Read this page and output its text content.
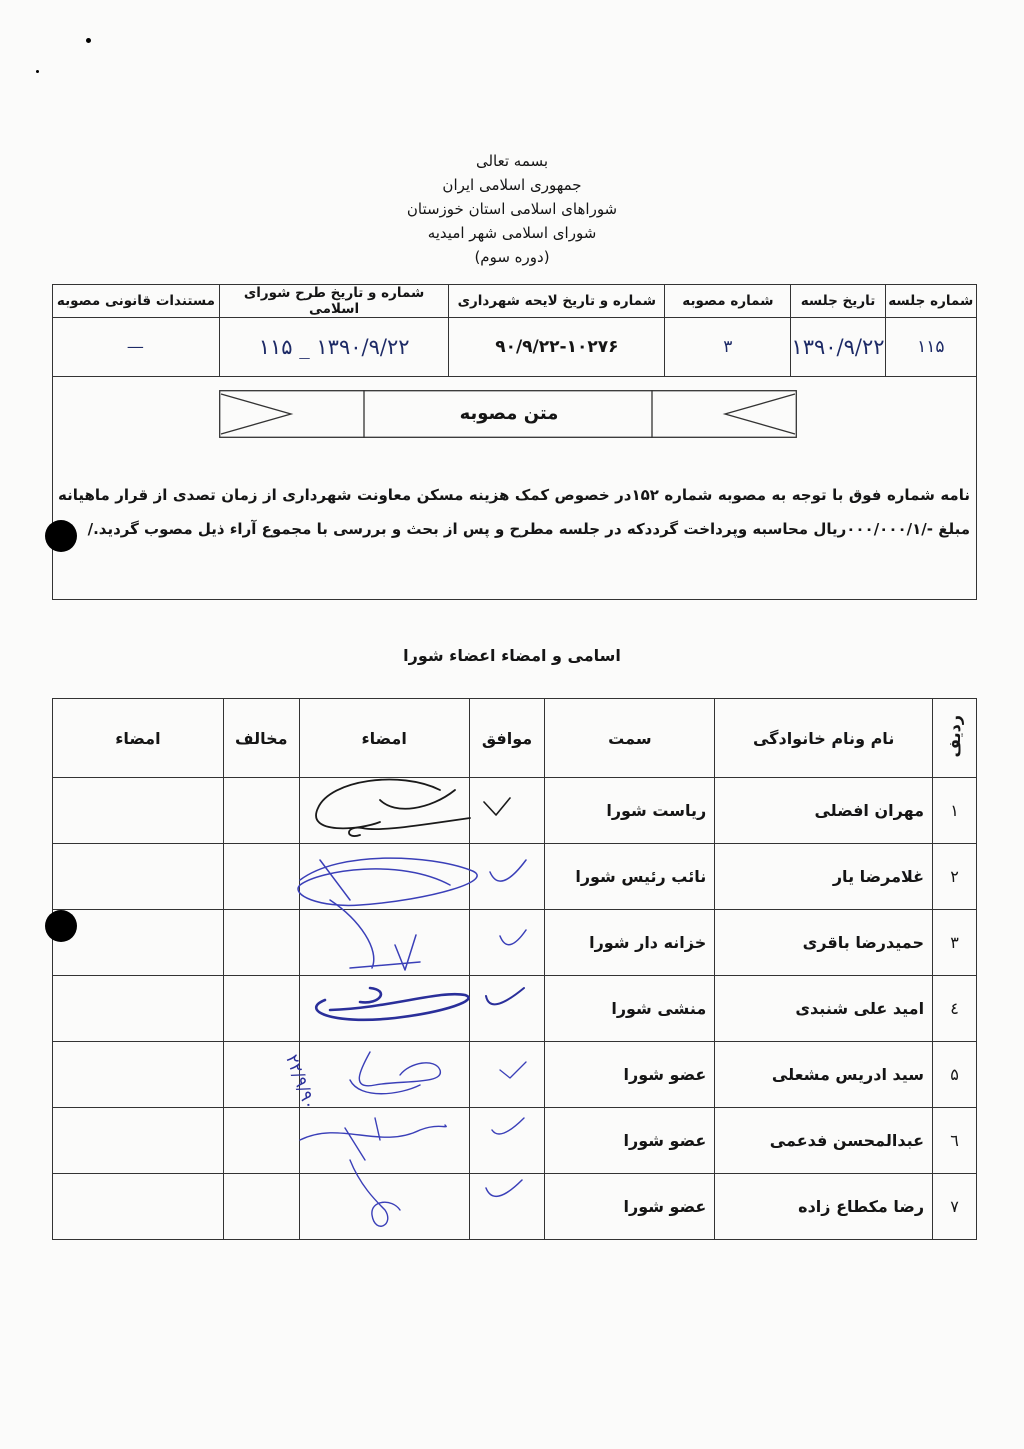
بسمه تعالی
جمهوری اسلامی ایران
شوراهای اسلامی استان خوزستان
شورای اسلامی شهر امیدیه
(دوره سوم)
شماره جلسه	تاریخ جلسه	شماره مصوبه	شماره و تاریخ لایحه شهرداری	شماره و تاریخ طرح شورای اسلامی	مستندات قانونی مصوبه
۱۱۵	۱۳۹۰/۹/۲۲	۳	۹۰/۹/۲۲-۱۰۲۷۶	۱۳۹۰/۹/۲۲ _ ۱۱۵	—

متن مصوبه
نامه شماره فوق با توجه به مصوبه شماره ۱۵۲در خصوص کمک هزینه مسکن معاونت شهرداری از زمان تصدی از قرار ماهیانه مبلغ -/۰۰۰/۰۰۰/۱ریال محاسبه وپرداخت گردد‌که در جلسه مطرح و پس از بحث و بررسی با مجموع آراء ذیل مصوب گردید./
اسامی و امضاء اعضاء شورا
ردیف	نام ونام خانوادگی	سمت	موافق	امضاء	مخالف	امضاء
۱	مهران افضلی	ریاست شورا				
۲	غلامرضا یار	نائب رئیس شورا				
۳	حمیدرضا باقری	خزانه دار شورا				
٤	امید علی شنبدی	منشی شورا				
۵	سید ادریس مشعلی	عضو شورا				
٦	عبدالمحسن فدعمی	عضو شورا				
۷	رضا مکطاع زاده	عضو شورا				
۲۲/۹/۹۰
